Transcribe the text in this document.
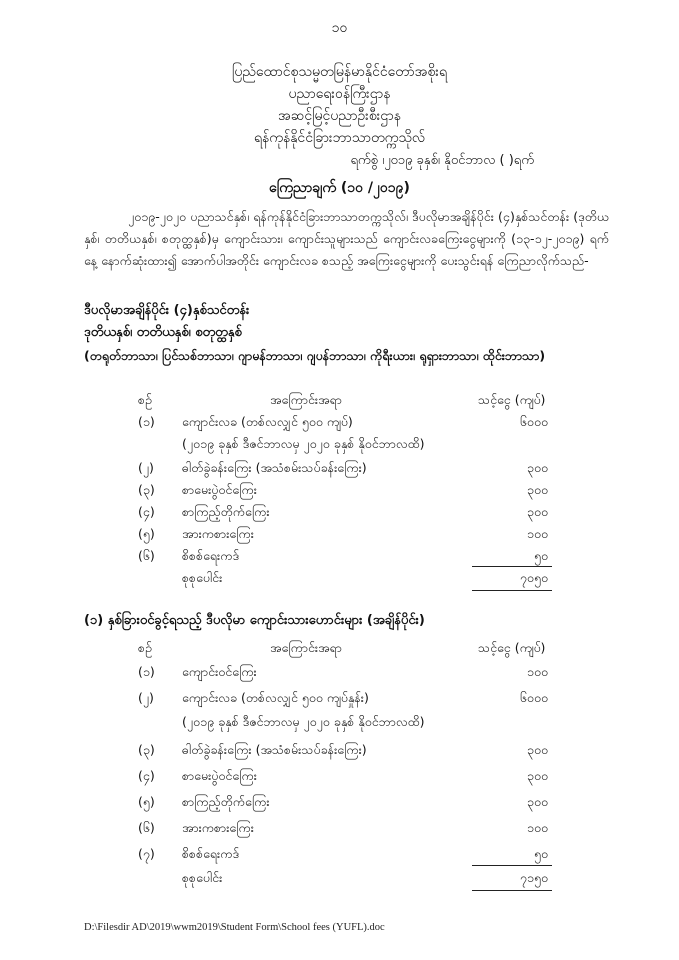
၁၀
ပြည်ထောင်စုသမ္မတမြန်မာနိုင်ငံတော်အစိုးရ
ပညာရေးဝန်ကြီးဌာန
အဆင့်မြင့်ပညာဦးစီးဌာန
ရန်ကုန်နိုင်ငံခြားဘာသာတက္ကသိုလ်
ရက်စွဲ ၊၂၀၁၉ ခုနှစ်၊ နိုဝင်ဘာလ ( )ရက်
ကြေညာချက် (၁၀ /၂၀၁၉)
၂၀၁၉-၂၀၂၀ ပညာသင်နှစ်၊ ရန်ကုန်နိုင်ငံခြားဘာသာတက္ကသိုလ်၊ ဒီပလိုမာအချိန်ပိုင်း (၄)နှစ်သင်တန်း (ဒုတိယနှစ်၊ တတိယနှစ်၊ စတုတ္ထနှစ်)မှ ကျောင်းသား၊ ကျောင်းသူများသည် ကျောင်းလခကြေးငွေများကို (၁၃-၁၂-၂၀၁၉) ရက်နေ့ နောက်ဆုံးထား၍ အောက်ပါအတိုင်း ကျောင်းလခ စသည့် အကြေးငွေများကို ပေးသွင်းရန် ကြေညာလိုက်သည်-
ဒီပလိုမာအချိန်ပိုင်း (၄)နှစ်သင်တန်း
ဒုတိယနှစ်၊ တတိယနှစ်၊ စတုတ္ထနှစ်
(တရုတ်ဘာသာ၊ ပြင်သစ်ဘာသာ၊ ဂျာမန်ဘာသာ၊ ဂျပန်ဘာသာ၊ ကိုရီးယား၊ ရုရှားဘာသာ၊ ထိုင်းဘာသာ)
စဉ်	အကြောင်းအရာ	သင့်ငွေ (ကျပ်)
(၁) ကျောင်းလခ (တစ်လလျှင် ၅၀၀ ကျပ်)	၆၀၀၀
(၂၀၁၉ ခုနှစ် ဒီဇင်ဘာလမှ ၂၀၂၀ ခုနှစ် နိုဝင်ဘာလထိ)
(၂) ဓါတ်ခွဲခန်းကြေး (အသံစမ်းသပ်ခန်းကြေး)	၃၀၀
(၃) စာမေးပွဲဝင်ကြေး	၃၀၀
(၄) စာကြည့်တိုက်ကြေး	၃၀၀
(၅) အားကစားကြေး	၁၀၀
(၆) စိစစ်ရေးကဒ်	၅၀
စုစုပေါင်း	၇၀၅၀
(၁) နှစ်ခြားဝင်ခွင့်ရသည့် ဒီပလိုမာ ကျောင်းသားဟောင်းများ (အချိန်ပိုင်း)
စဉ်	အကြောင်းအရာ	သင့်ငွေ (ကျပ်)
(၁) ကျောင်းဝင်ကြေး	၁၀၀
(၂) ကျောင်းလခ (တစ်လလျှင် ၅၀၀ ကျပ်နှုန်း)	၆၀၀၀
(၂၀၁၉ ခုနှစ် ဒီဇင်ဘာလမှ ၂၀၂၀ ခုနှစ် နိုဝင်ဘာလထိ)
(၃) ဓါတ်ခွဲခန်းကြေး (အသံစမ်းသပ်ခန်းကြေး)	၃၀၀
(၄) စာမေးပွဲဝင်ကြေး	၃၀၀
(၅) စာကြည့်တိုက်ကြေး	၃၀၀
(၆) အားကစားကြေး	၁၀၀
(၇) စိစစ်ရေးကဒ်	၅၀
စုစုပေါင်း	၇၁၅၀
D:\Filesdir AD\2019\wwm2019\Student Form\School fees (YUFL).doc
